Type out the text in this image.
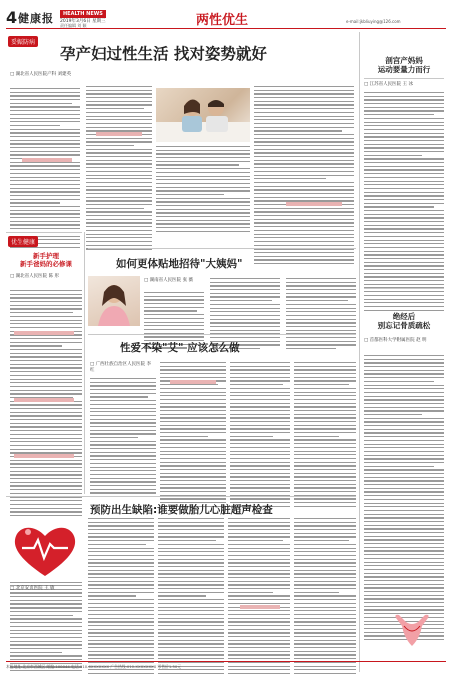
4 健康报	HEALTH NEWS
2019年3月6日 星期三
责任编辑 刘 颖	两性优生	e-mail:jkbliuying@126.com
妥娠防病
孕产妇过性生活 找对姿势就好
□ 湖北省人民医院产科 刘建英
剖宫产妈妈
运动要量力而行
□ 江苏省人民医院 王 冰
绝经后
别忘记骨质疏松
□ 首都医科大学附属医院 赵 明
优生健康
新手护理
新手爸妈的必修课
□ 湖北省人民医院 陈 彤
如何更体贴地招待"大姨妈"
□ 湖南省人民医院 张 薇
性爱不染"艾" 应该怎么做
□ 广西壮族自治区人民医院 李 红
预防出生缺陷:谁要做胎儿心脏超声检查
□ 北京安贞医院 王 敏
本报地址:北京市西城区 邮编:100044 电话:010-6XXXXXXX 广告热线:010-XXXXXXXX 零售价1.50元
